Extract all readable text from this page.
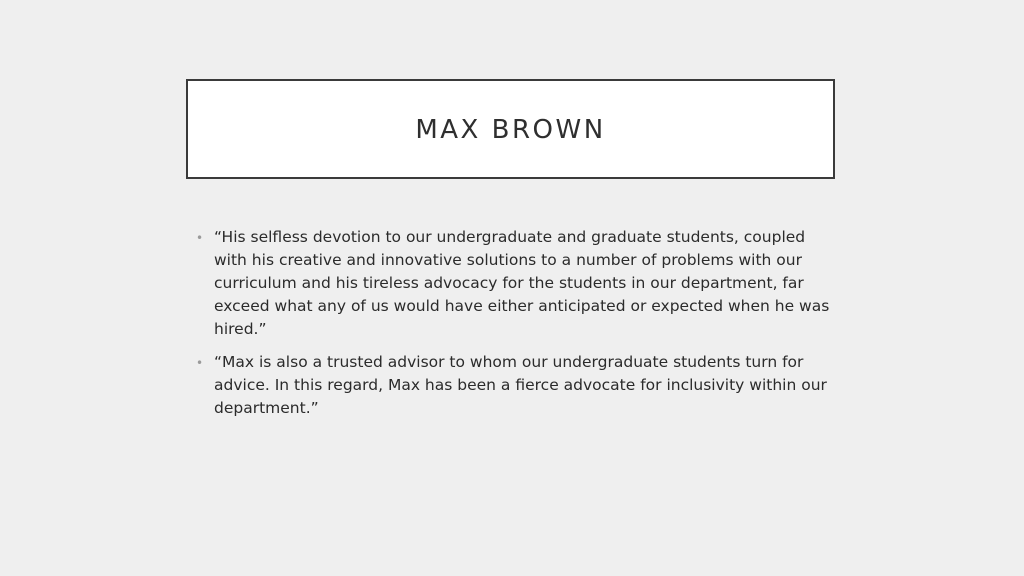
MAX BROWN
• “His selfless devotion to our undergraduate and graduate students, coupled with his creative and innovative solutions to a number of problems with our curriculum and his tireless advocacy for the students in our department, far exceed what any of us would have either anticipated or expected when he was hired.”
• “Max is also a trusted advisor to whom our undergraduate students turn for advice. In this regard, Max has been a fierce advocate for inclusivity within our department.”
